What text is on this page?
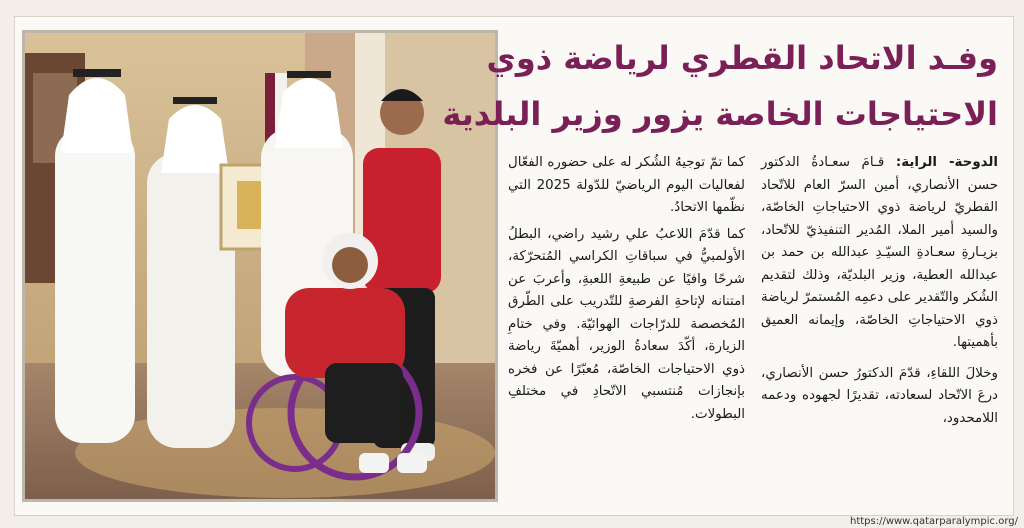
وفـد الاتحاد القطري لرياضة ذوي
الاحتياجات الخاصة يزور وزير البلدية

الدوحة- الراية: قـامَ سعـادةُ الدكتور حسن الأنصاري، أمين السرّ العام للاتّحاد القطريّ لرياضة ذوي الاحتياجاتِ الخاصّة، والسيد أمير الملا، المُدير التنفيذيّ للاتّحاد، بزيـارةِ سعـادةِ السيّـدِ عبدالله بن حمد بن عبدالله العطية، وزير البلديّة، وذلك لتقديم الشُكر والتّقدير على دعمِه المُستمرّ لرياضة ذوي الاحتياجاتِ الخاصّة، وإيمانه العميق بأهميتها.

وخلالَ اللقاءِ، قدّمَ الدكتورُ حسن الأنصاري، درعَ الاتّحاد لسعادته، تقديرًا لجهوده ودعمه اللامحدود،

كما تمّ توجيهُ الشُكر له على حضوره الفعّال لفعاليات اليوم الرياضيّ للدّولة 2025 التي نظّمها الاتحادُ.

كما قدّمَ اللاعبُ علي رشيد راضي، البطلُ الأولمبيُّ في سباقاتِ الكراسي المُتحرّكة، شرحًا وافيًا عن طبيعةِ اللعبةِ، وأعربَ عن امتنانه لإتاحةِ الفرصةِ للتّدريب على الطّرق المُخصصة للدرّاجات الهوائيّة. وفي ختامِ الزيارة، أكّدَ سعادةُ الوزير، أهميّةَ رياضة ذوي الاحتياجات الخاصّة، مُعبّرًا عن فخره بإنجازات مُنتسبي الاتّحادِ في مختلفِ البطولات.

https://www.qatarparalympic.org/
